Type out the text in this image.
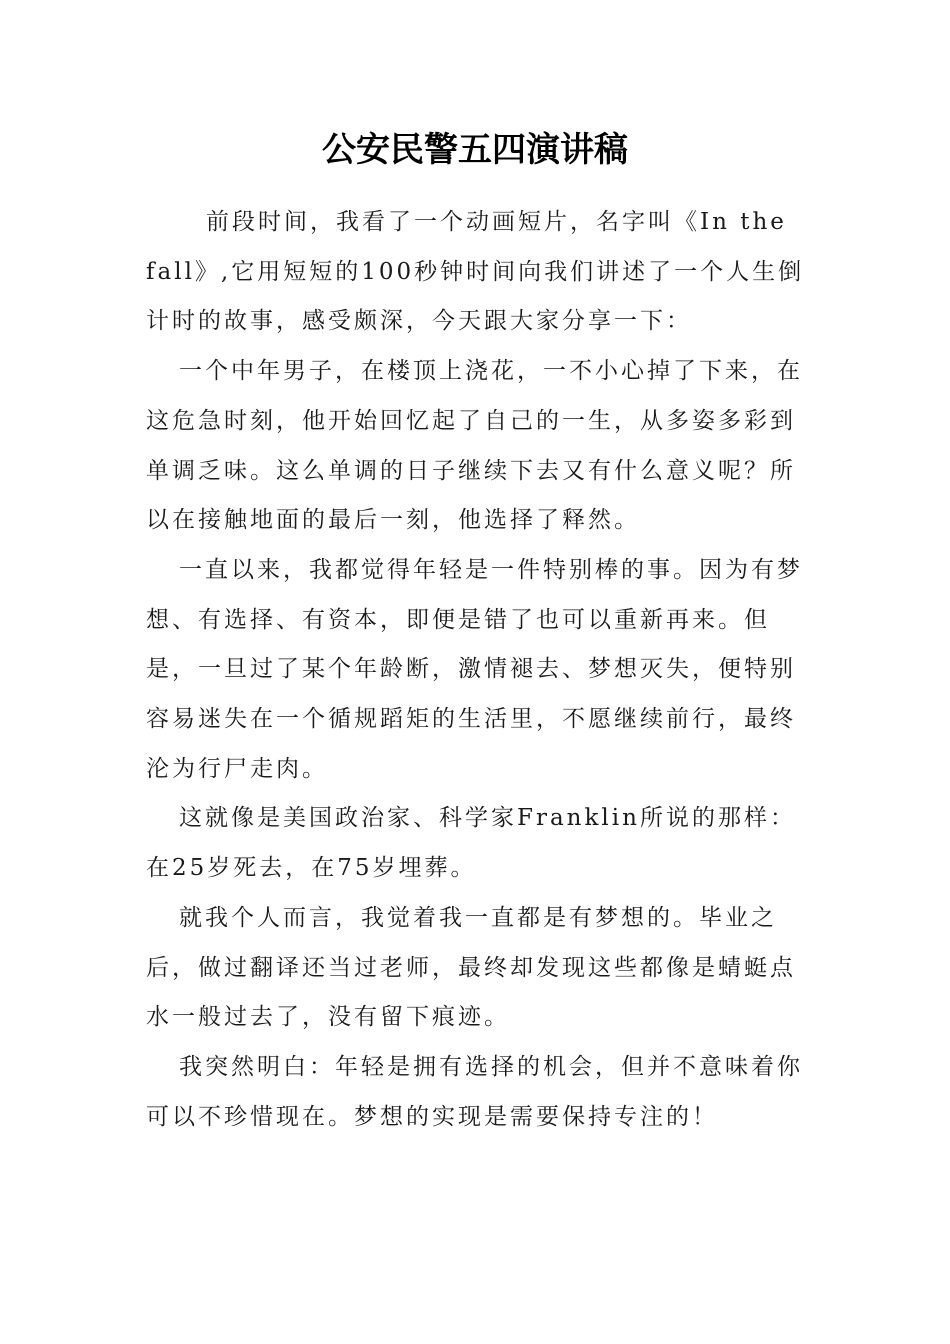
公安民警五四演讲稿

前段时间，我看了一个动画短片，名字叫《In the fall》,它用短短的100秒钟时间向我们讲述了一个人生倒计时的故事，感受颇深，今天跟大家分享一下：

一个中年男子，在楼顶上浇花，一不小心掉了下来，在这危急时刻，他开始回忆起了自己的一生，从多姿多彩到单调乏味。这么单调的日子继续下去又有什么意义呢？所以在接触地面的最后一刻，他选择了释然。

一直以来，我都觉得年轻是一件特别棒的事。因为有梦想、有选择、有资本，即便是错了也可以重新再来。但是，一旦过了某个年龄断，激情褪去、梦想灭失，便特别容易迷失在一个循规蹈矩的生活里，不愿继续前行，最终沦为行尸走肉。

这就像是美国政治家、科学家Franklin所说的那样：在25岁死去，在75岁埋葬。

就我个人而言，我觉着我一直都是有梦想的。毕业之后，做过翻译还当过老师，最终却发现这些都像是蜻蜓点水一般过去了，没有留下痕迹。

我突然明白：年轻是拥有选择的机会，但并不意味着你可以不珍惜现在。梦想的实现是需要保持专注的！
